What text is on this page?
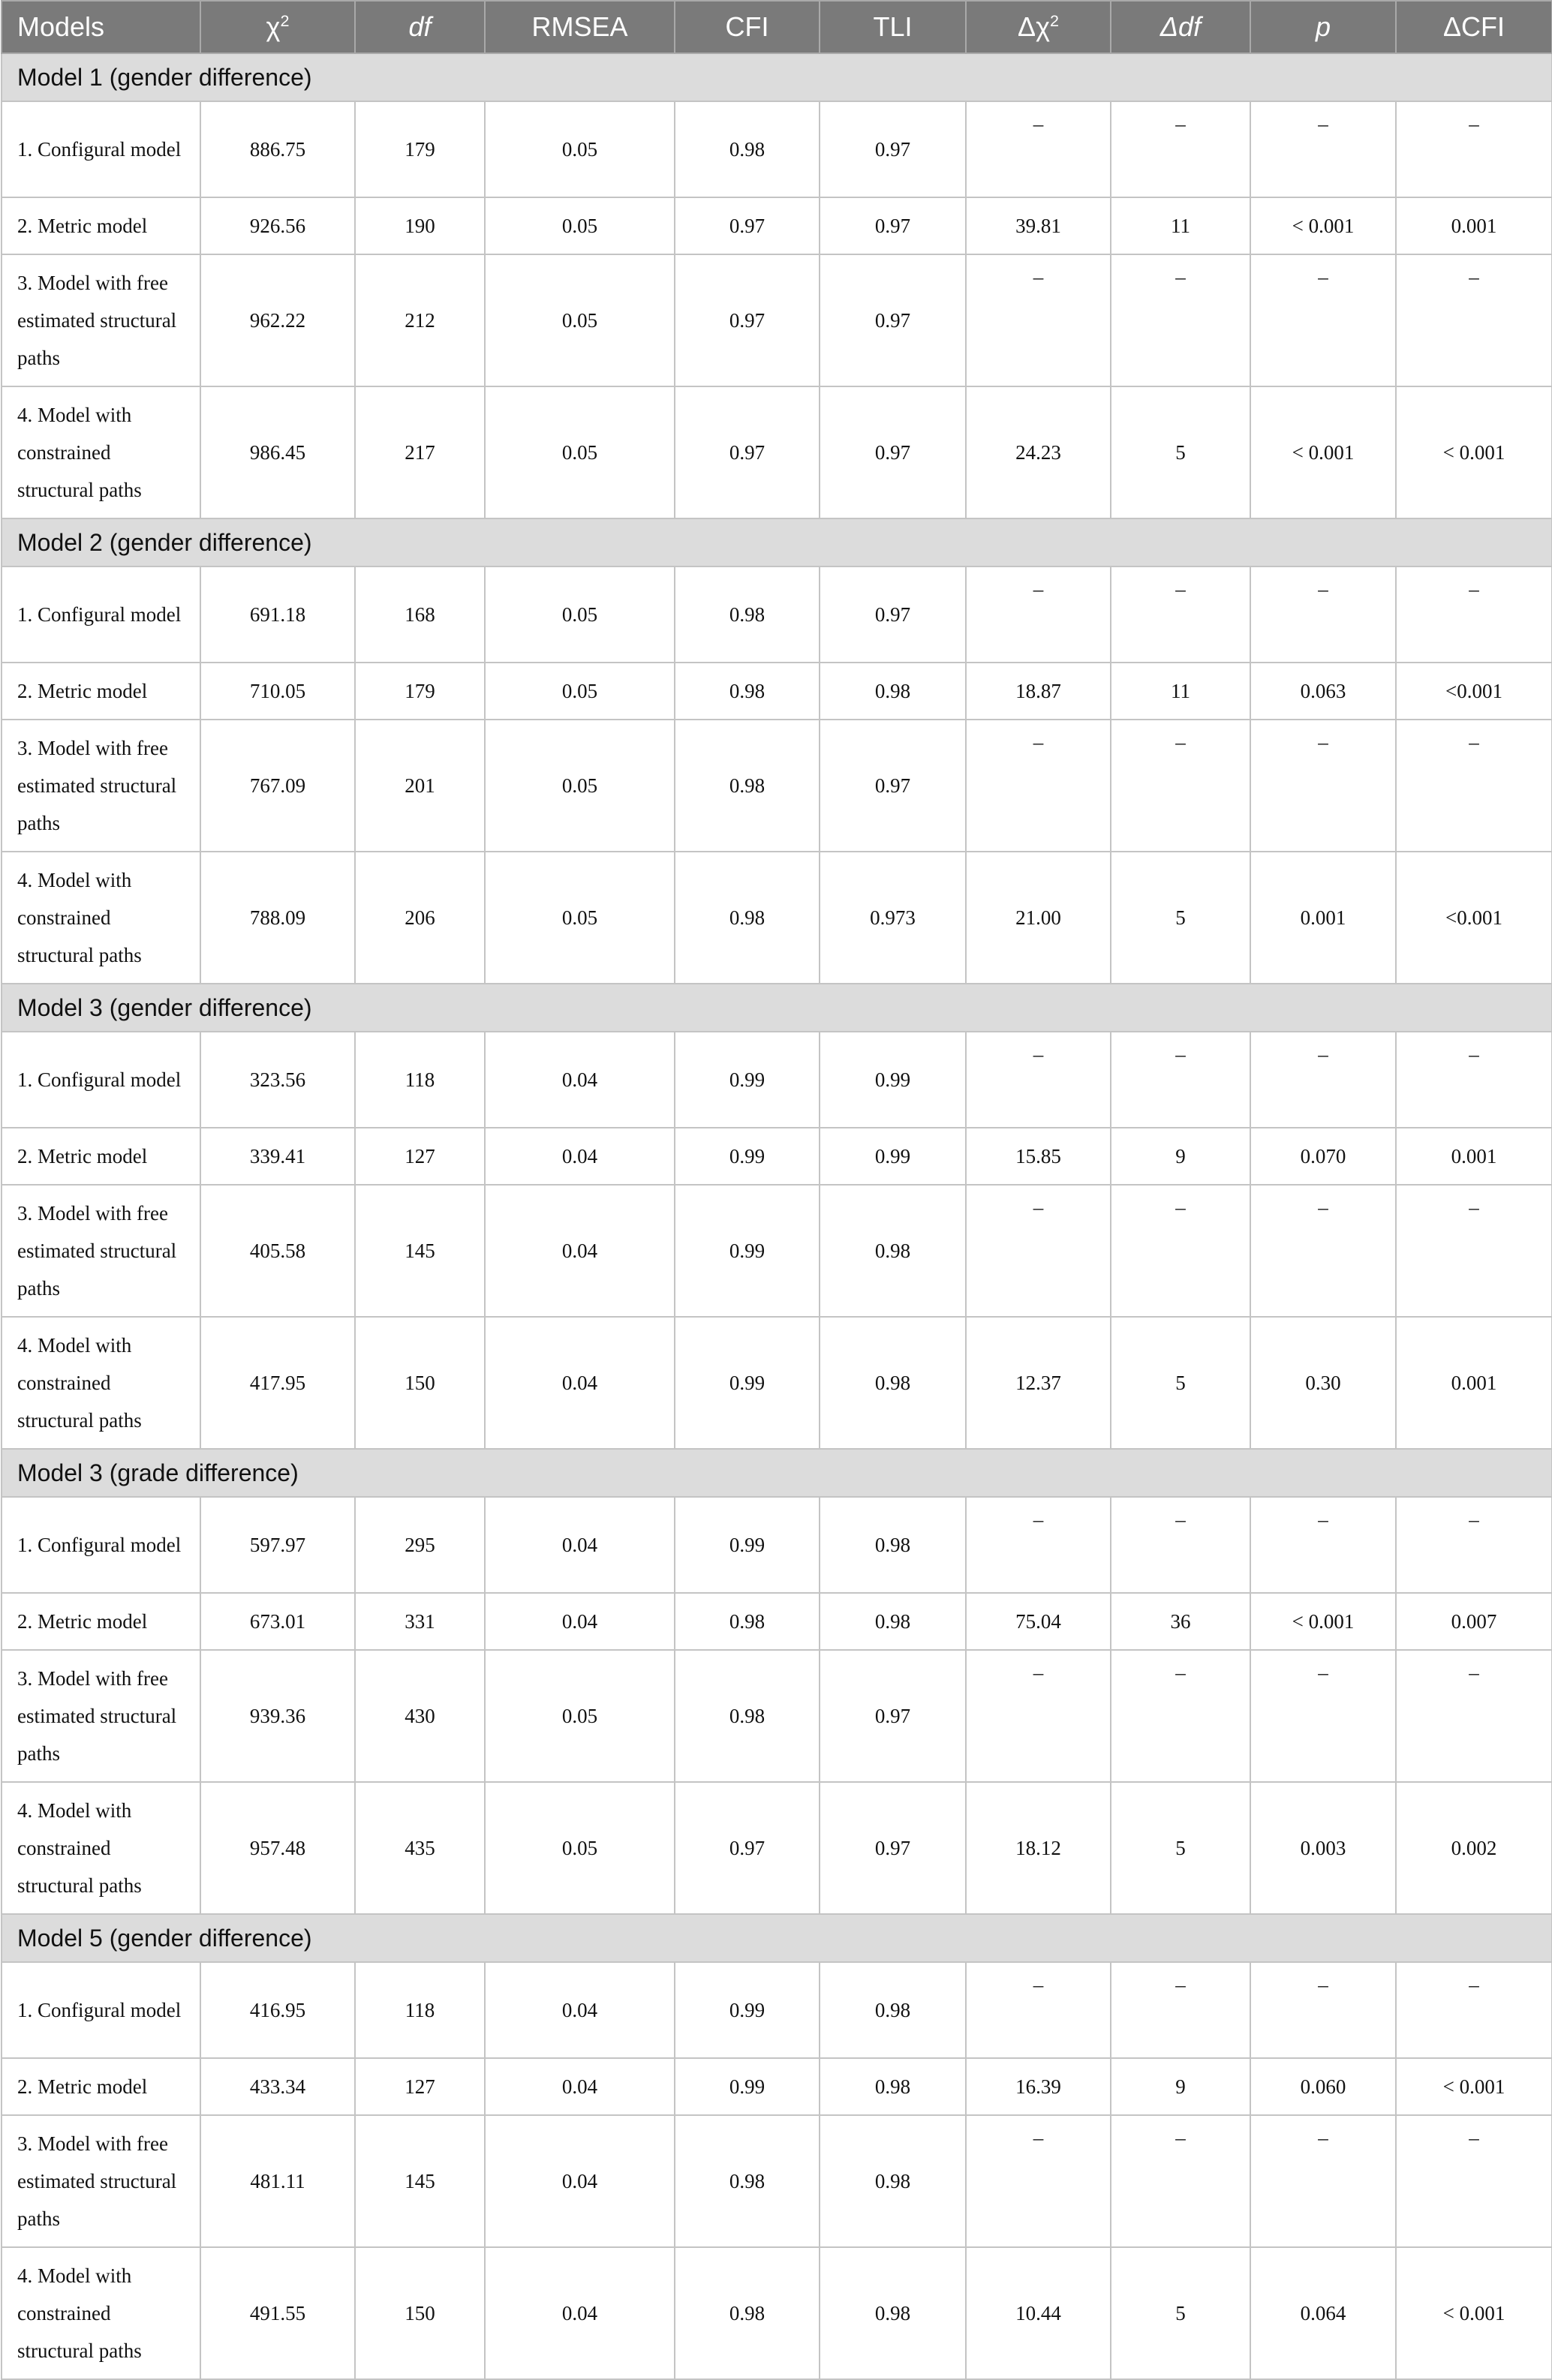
Models	$\chi^2$	df	RMSEA	CFI	TLI	$\Delta\chi^2$	Δdf	p	ΔCFI
Model 1 (gender difference)									
1. Configural model	886.75	179	0.05	0.98	0.97	–	–	–	–
2. Metric model	926.56	190	0.05	0.97	0.97	39.81	11	< 0.001	0.001
3. Model with free estimated structural paths	962.22	212	0.05	0.97	0.97	–	–	–	–
4. Model with constrained structural paths	986.45	217	0.05	0.97	0.97	24.23	5	< 0.001	< 0.001
Model 2 (gender difference)									
1. Configural model	691.18	168	0.05	0.98	0.97	–	–	–	–
2. Metric model	710.05	179	0.05	0.98	0.98	18.87	11	0.063	<0.001
3. Model with free estimated structural paths	767.09	201	0.05	0.98	0.97	–	–	–	–
4. Model with constrained structural paths	788.09	206	0.05	0.98	0.973	21.00	5	0.001	<0.001
Model 3 (gender difference)									
1. Configural model	323.56	118	0.04	0.99	0.99	–	–	–	–
2. Metric model	339.41	127	0.04	0.99	0.99	15.85	9	0.070	0.001
3. Model with free estimated structural paths	405.58	145	0.04	0.99	0.98	–	–	–	–
4. Model with constrained structural paths	417.95	150	0.04	0.99	0.98	12.37	5	0.30	0.001
Model 3 (grade difference)									
1. Configural model	597.97	295	0.04	0.99	0.98	–	–	–	–
2. Metric model	673.01	331	0.04	0.98	0.98	75.04	36	< 0.001	0.007
3. Model with free estimated structural paths	939.36	430	0.05	0.98	0.97	–	–	–	–
4. Model with constrained structural paths	957.48	435	0.05	0.97	0.97	18.12	5	0.003	0.002
Model 5 (gender difference)									
1. Configural model	416.95	118	0.04	0.99	0.98	–	–	–	–
2. Metric model	433.34	127	0.04	0.99	0.98	16.39	9	0.060	< 0.001
3. Model with free estimated structural paths	481.11	145	0.04	0.98	0.98	–	–	–	–
4. Model with constrained structural paths	491.55	150	0.04	0.98	0.98	10.44	5	0.064	< 0.001
